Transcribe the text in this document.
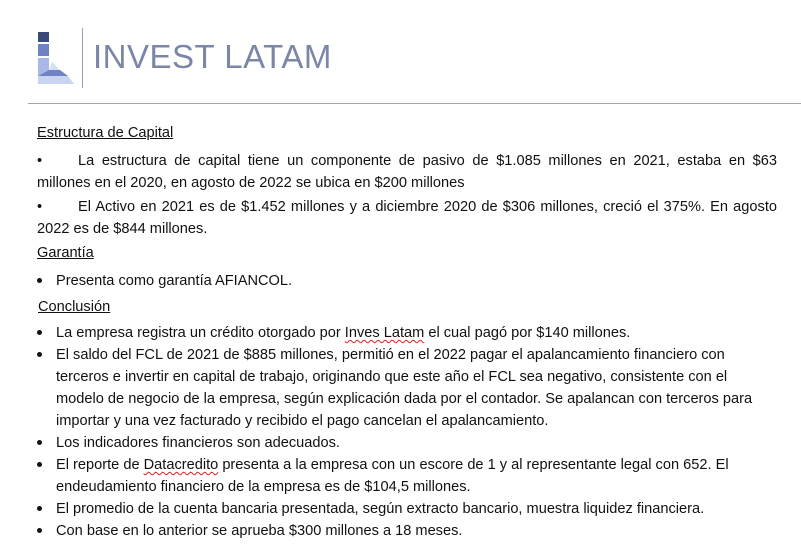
INVEST LATAM

Estructura de Capital

• La estructura de capital tiene un componente de pasivo de $1.085 millones en 2021, estaba en $63 millones en el 2020, en agosto de 2022 se ubica en $200 millones

• El Activo en 2021 es de $1.452 millones y a diciembre 2020 de $306 millones, creció el 375%. En agosto 2022 es de $844 millones.

Garantía

Presenta como garantía AFIANCOL.

Conclusión

La empresa registra un crédito otorgado por Inves Latam el cual pagó por $140 millones.
El saldo del FCL de 2021 de $885 millones, permitió en el 2022 pagar el apalancamiento financiero con terceros e invertir en capital de trabajo, originando que este año el FCL sea negativo, consistente con el modelo de negocio de la empresa, según explicación dada por el contador. Se apalancan con terceros para importar y una vez facturado y recibido el pago cancelan el apalancamiento.
Los indicadores financieros son adecuados.
El reporte de Datacredito presenta a la empresa con un escore de 1 y al representante legal con 652. El endeudamiento financiero de la empresa es de $104,5 millones.
El promedio de la cuenta bancaria presentada, según extracto bancario, muestra liquidez financiera.
Con base en lo anterior se aprueba $300 millones a 18 meses.
